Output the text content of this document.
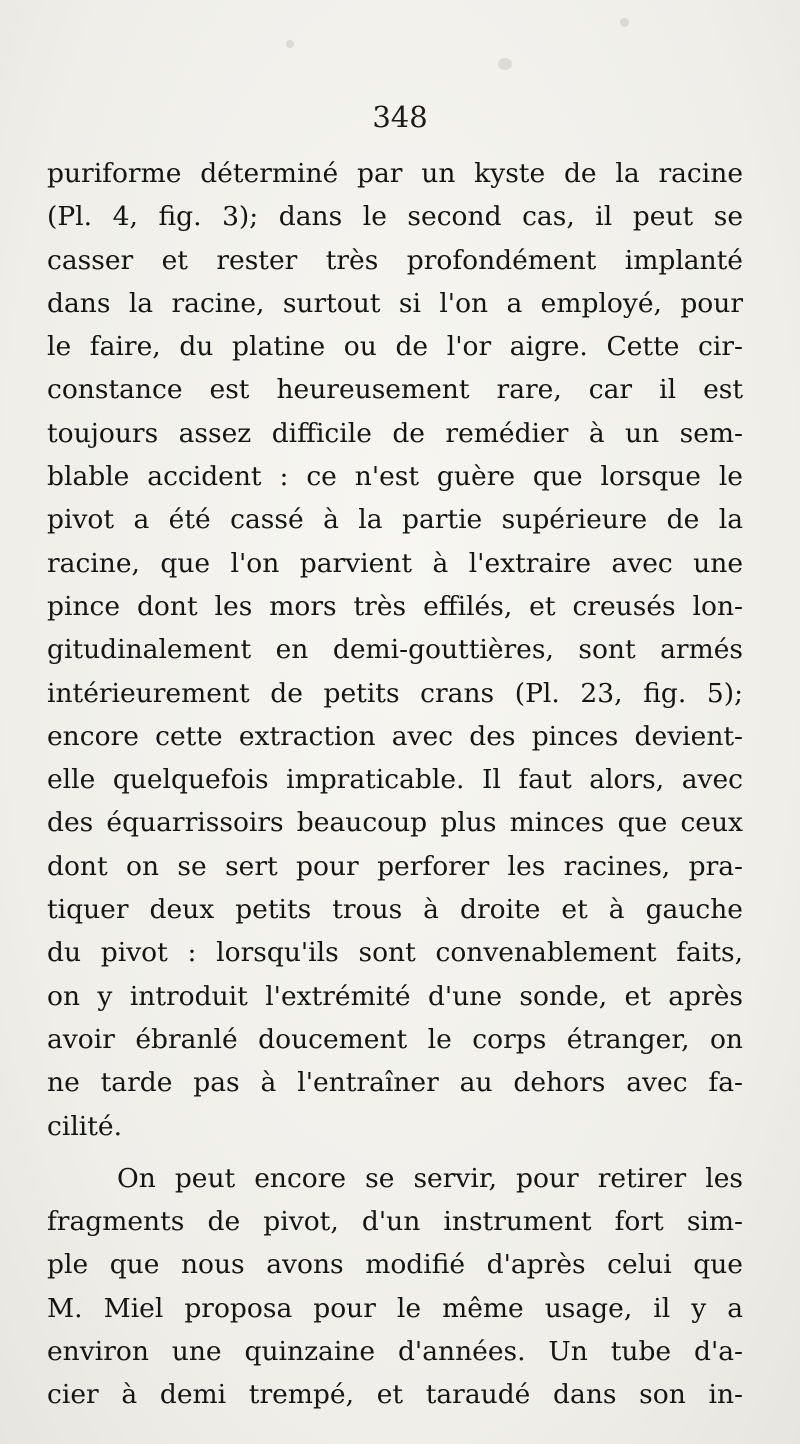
348
puriforme déterminé par un kyste de la racine
(Pl. 4, fig. 3); dans le second cas, il peut se
casser et rester très profondément implanté
dans la racine, surtout si l'on a employé, pour
le faire, du platine ou de l'or aigre. Cette cir-
constance est heureusement rare, car il est
toujours assez difficile de remédier à un sem-
blable accident : ce n'est guère que lorsque le
pivot a été cassé à la partie supérieure de la
racine, que l'on parvient à l'extraire avec une
pince dont les mors très effilés, et creusés lon-
gitudinalement en demi-gouttières, sont armés
intérieurement de petits crans (Pl. 23, fig. 5);
encore cette extraction avec des pinces devient-
elle quelquefois impraticable. Il faut alors, avec
des équarrissoirs beaucoup plus minces que ceux
dont on se sert pour perforer les racines, pra-
tiquer deux petits trous à droite et à gauche
du pivot : lorsqu'ils sont convenablement faits,
on y introduit l'extrémité d'une sonde, et après
avoir ébranlé doucement le corps étranger, on
ne tarde pas à l'entraîner au dehors avec fa-
cilité.
On peut encore se servir, pour retirer les
fragments de pivot, d'un instrument fort sim-
ple que nous avons modifié d'après celui que
M. Miel proposa pour le même usage, il y a
environ une quinzaine d'années. Un tube d'a-
cier à demi trempé, et taraudé dans son in-
